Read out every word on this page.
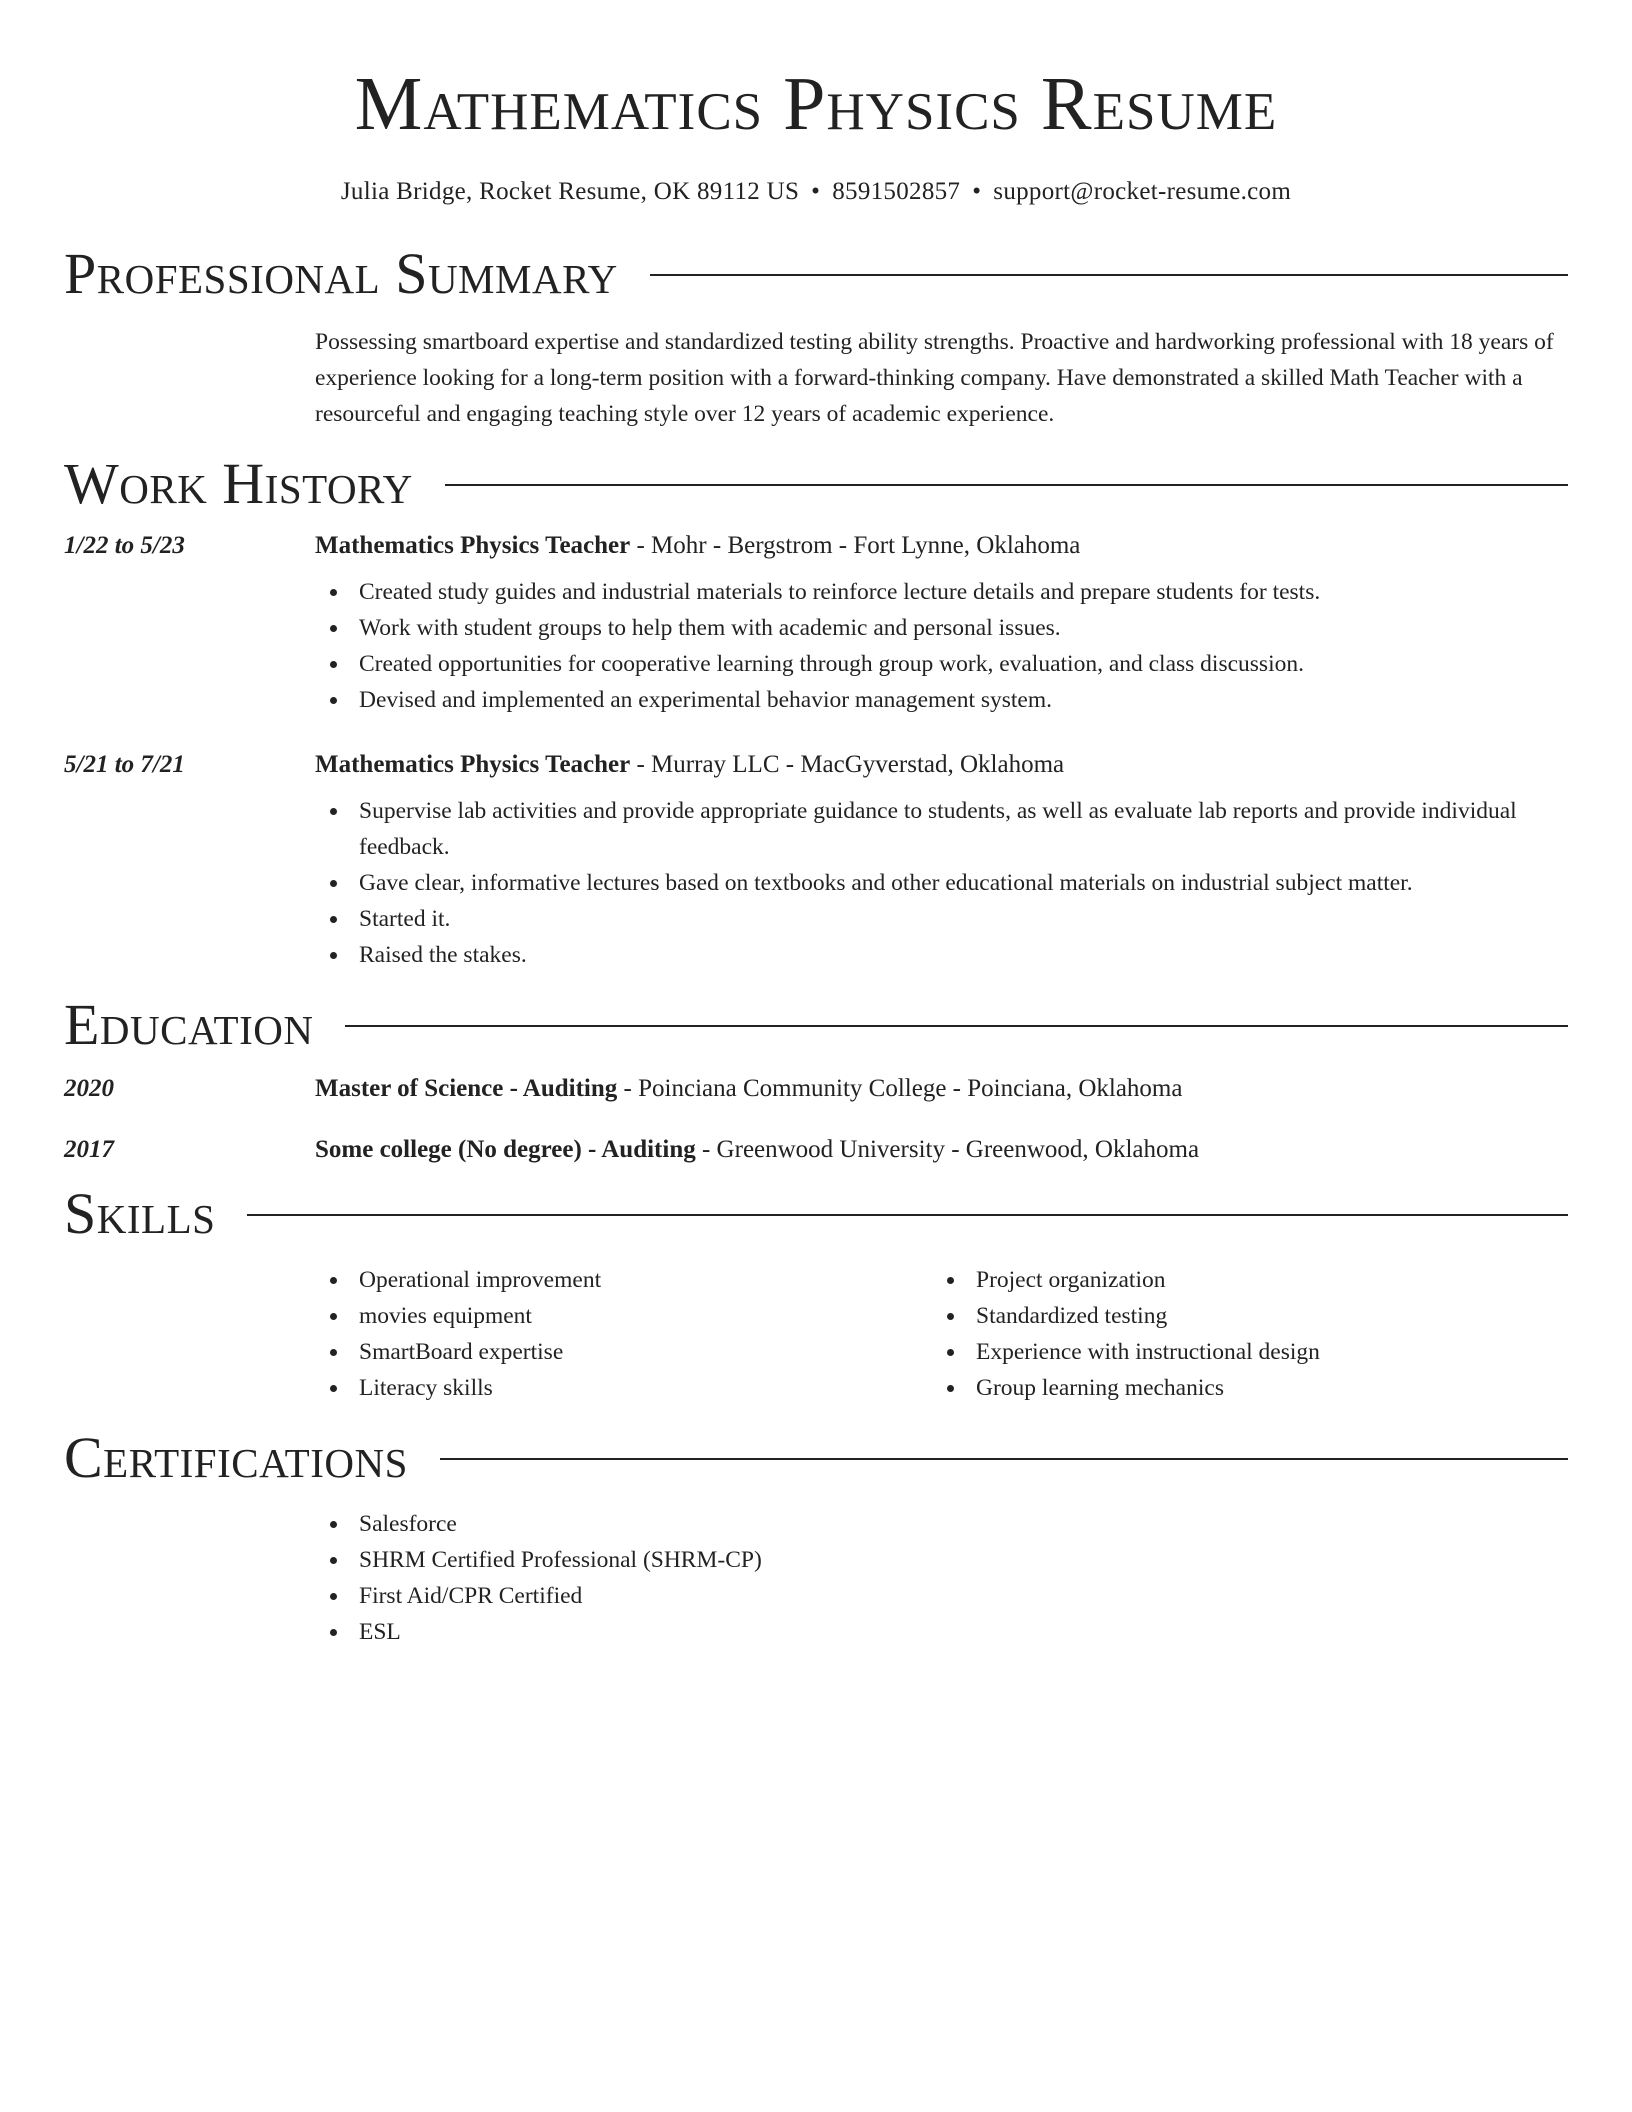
Mathematics Physics Resume
Julia Bridge, Rocket Resume, OK 89112 US • 8591502857 • support@rocket-resume.com
Professional Summary

Possessing smartboard expertise and standardized testing ability strengths. Proactive and hardworking professional with 18 years of experience looking for a long-term position with a forward-thinking company. Have demonstrated a skilled Math Teacher with a resourceful and engaging teaching style over 12 years of academic experience.

Work History
1/22 to 5/23	Mathematics Physics Teacher - Mohr - Bergstrom - Fort Lynne, Oklahoma
Created study guides and industrial materials to reinforce lecture details and prepare students for tests.
Work with student groups to help them with academic and personal issues.
Created opportunities for cooperative learning through group work, evaluation, and class discussion.
Devised and implemented an experimental behavior management system.
5/21 to 7/21	Mathematics Physics Teacher - Murray LLC - MacGyverstad, Oklahoma
Supervise lab activities and provide appropriate guidance to students, as well as evaluate lab reports and provide individual feedback.
Gave clear, informative lectures based on textbooks and other educational materials on industrial subject matter.
Started it.
Raised the stakes.
Education
2020	Master of Science - Auditing - Poinciana Community College - Poinciana, Oklahoma
2017	Some college (No degree) - Auditing - Greenwood University - Greenwood, Oklahoma
Skills
Operational improvement
movies equipment
SmartBoard expertise
Literacy skills
Project organization
Standardized testing
Experience with instructional design
Group learning mechanics
Certifications
Salesforce
SHRM Certified Professional (SHRM-CP)
First Aid/CPR Certified
ESL
